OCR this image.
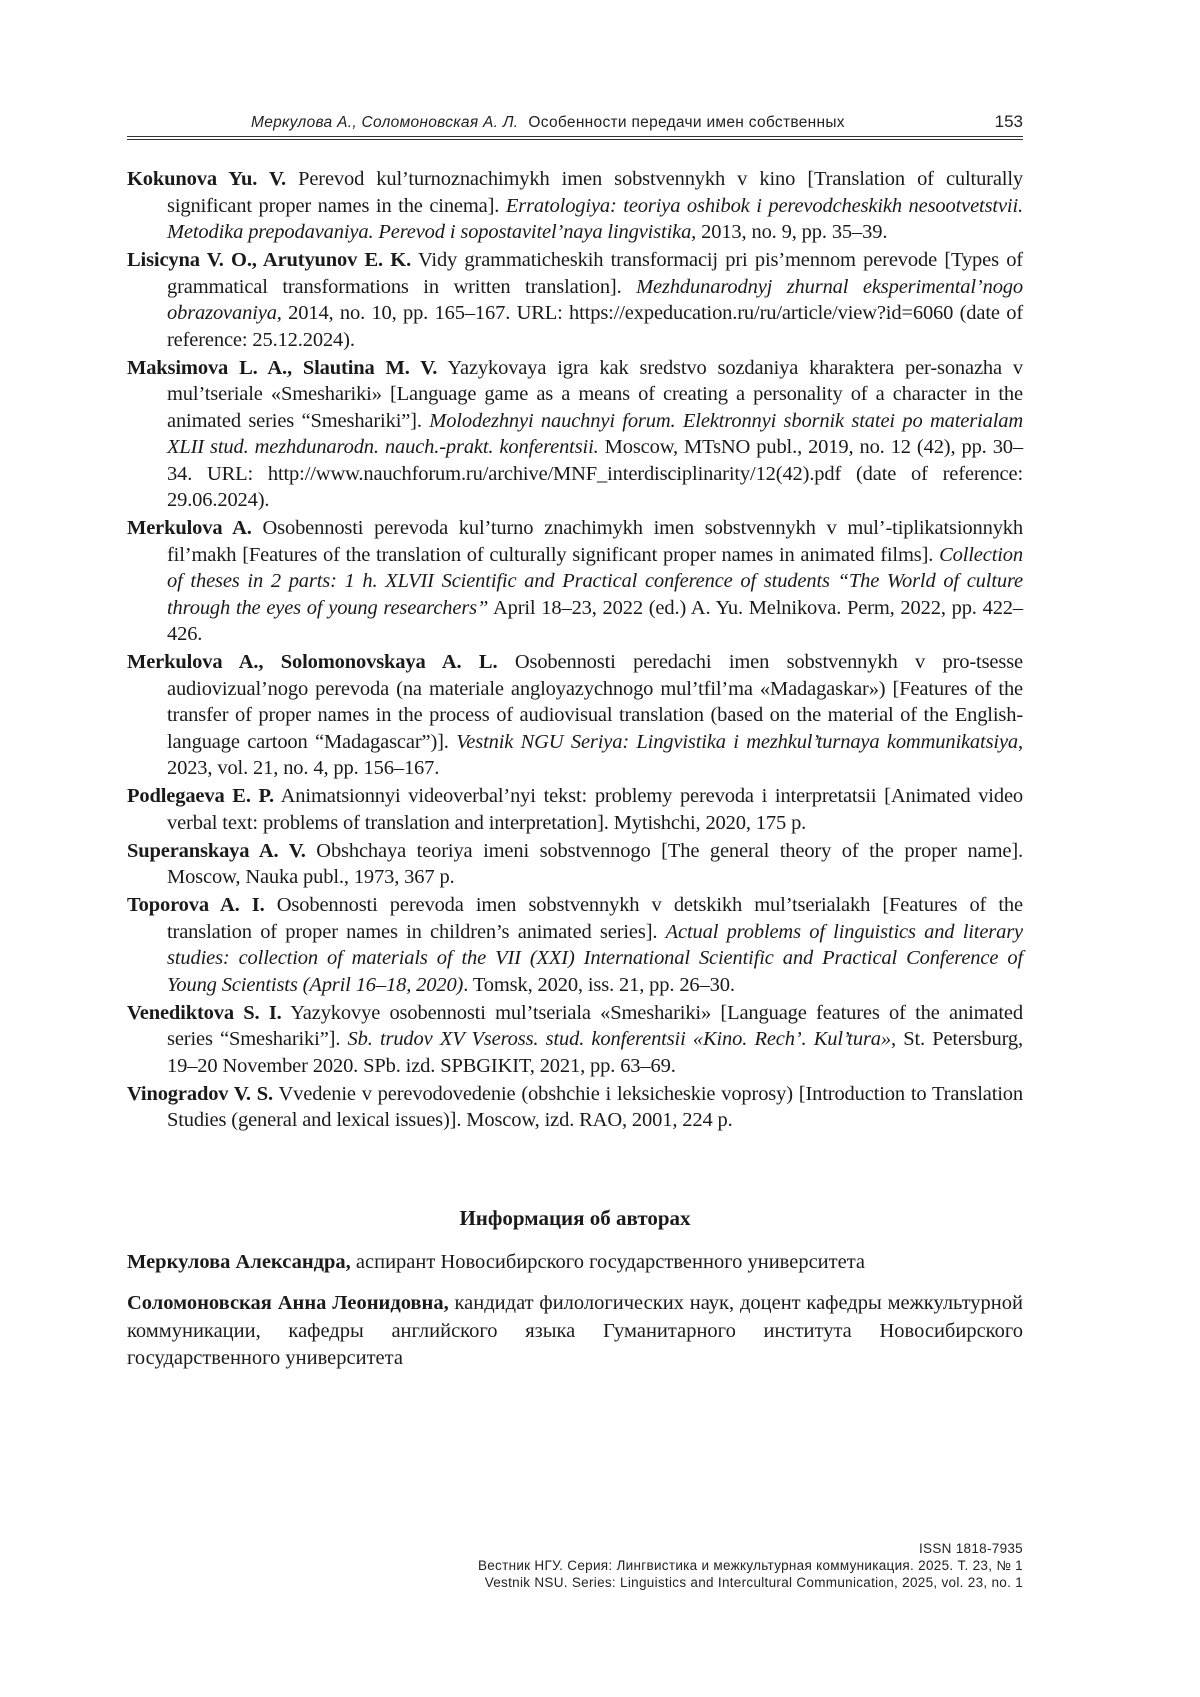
Меркулова А., Соломоновская А. Л. Особенности передачи имен собственных	153
Kokunova Yu. V. Perevod kul’turnoznachimykh imen sobstvennykh v kino [Translation of culturally significant proper names in the cinema]. Erratologiya: teoriya oshibok i perevodcheskikh nesootvetstvii. Metodika prepodavaniya. Perevod i sopostavitel’naya lingvistika, 2013, no. 9, pp. 35–39.
Lisicyna V. O., Arutyunov E. K. Vidy grammaticheskih transformacij pri pis’mennom perevode [Types of grammatical transformations in written translation]. Mezhdunarodnyj zhurnal eksperimental’nogo obrazovaniya, 2014, no. 10, pp. 165–167. URL: https://expeducation.ru/ru/article/view?id=6060 (date of reference: 25.12.2024).
Maksimova L. A., Slautina M. V. Yazykovaya igra kak sredstvo sozdaniya kharaktera per-sonazha v mul’tseriale «Smeshariki» [Language game as a means of creating a personality of a character in the animated series “Smeshariki”]. Molodezhnyi nauchnyi forum. Elektronnyi sbornik statei po materialam XLII stud. mezhdunarodn. nauch.-prakt. konferentsii. Moscow, MTsNO publ., 2019, no. 12 (42), pp. 30–34. URL: http://www.nauchforum.ru/archive/MNF_interdisciplinarity/12(42).pdf (date of reference: 29.06.2024).
Merkulova A. Osobennosti perevoda kul’turno znachimykh imen sobstvennykh v mul’-tiplikatsionnykh fil’makh [Features of the translation of culturally significant proper names in animated films]. Collection of theses in 2 parts: 1 h. XLVII Scientific and Practical conference of students “The World of culture through the eyes of young researchers” April 18–23, 2022 (ed.) A. Yu. Melnikova. Perm, 2022, pp. 422–426.
Merkulova A., Solomonovskaya A. L. Osobennosti peredachi imen sobstvennykh v pro-tsesse audiovizual’nogo perevoda (na materiale angloyazychnogo mul’tfil’ma «Madagaskar») [Features of the transfer of proper names in the process of audiovisual translation (based on the material of the English-language cartoon “Madagascar”)]. Vestnik NGU Seriya: Lingvistika i mezhkul’turnaya kommunikatsiya, 2023, vol. 21, no. 4, pp. 156–167.
Podlegaeva E. P. Animatsionnyi videoverbal’nyi tekst: problemy perevoda i interpretatsii [Animated video verbal text: problems of translation and interpretation]. Mytishchi, 2020, 175 p.
Superanskaya A. V. Obshchaya teoriya imeni sobstvennogo [The general theory of the proper name]. Moscow, Nauka publ., 1973, 367 p.
Toporova A. I. Osobennosti perevoda imen sobstvennykh v detskikh mul’tserialakh [Features of the translation of proper names in children’s animated series]. Actual problems of linguistics and literary studies: collection of materials of the VII (XXI) International Scientific and Practical Conference of Young Scientists (April 16–18, 2020). Tomsk, 2020, iss. 21, pp. 26–30.
Venediktova S. I. Yazykovye osobennosti mul’tseriala «Smeshariki» [Language features of the animated series “Smeshariki”]. Sb. trudov XV Vseross. stud. konferentsii «Kino. Rech’. Kul’tura», St. Petersburg, 19–20 November 2020. SPb. izd. SPBGIKIT, 2021, pp. 63–69.
Vinogradov V. S. Vvedenie v perevodovedenie (obshchie i leksicheskie voprosy) [Introduction to Translation Studies (general and lexical issues)]. Moscow, izd. RAO, 2001, 224 p.
Информация об авторах
Меркулова Александра, аспирант Новосибирского государственного университета
Соломоновская Анна Леонидовна, кандидат филологических наук, доцент кафедры межкультурной коммуникации, кафедры английского языка Гуманитарного института Новосибирского государственного университета
ISSN 1818-7935
Вестник НГУ. Серия: Лингвистика и межкультурная коммуникация. 2025. Т. 23, № 1
Vestnik NSU. Series: Linguistics and Intercultural Communication, 2025, vol. 23, no. 1
